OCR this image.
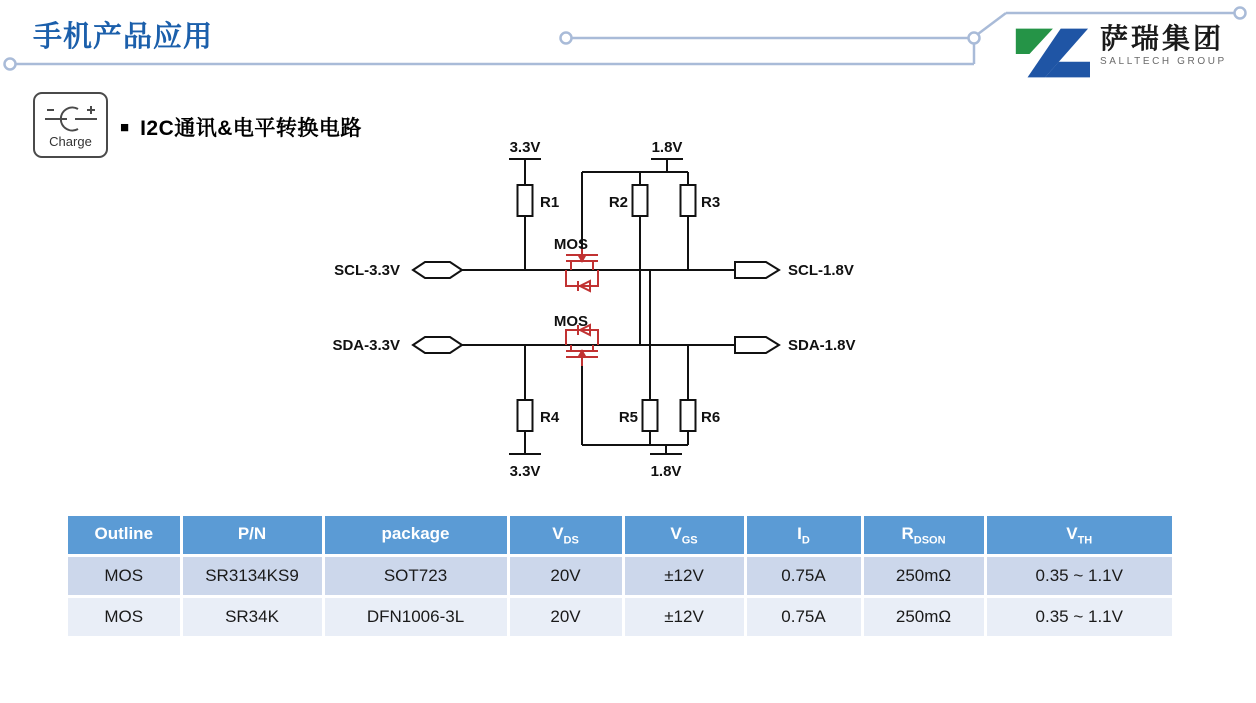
手机产品应用	萨瑞集团
SALLTECH GROUP
Charge
■ I2C通讯&电平转换电路
3.3V	1.8V
R1	R2	R3
MOS
SCL-3.3V	SCL-1.8V
MOS
SDA-3.3V	SDA-1.8V
R4	R5	R6
3.3V	1.8V
Outline	P/N	package	$V_{DS}$	$V_{GS}$	$I_D$	$R_{DSON}$	$V_{TH}$
MOS	SR3134KS9	SOT723	20V	±12V	0.75A	250mΩ	0.35 ~ 1.1V
MOS	SR34K	DFN1006-3L	20V	±12V	0.75A	250mΩ	0.35 ~ 1.1V
